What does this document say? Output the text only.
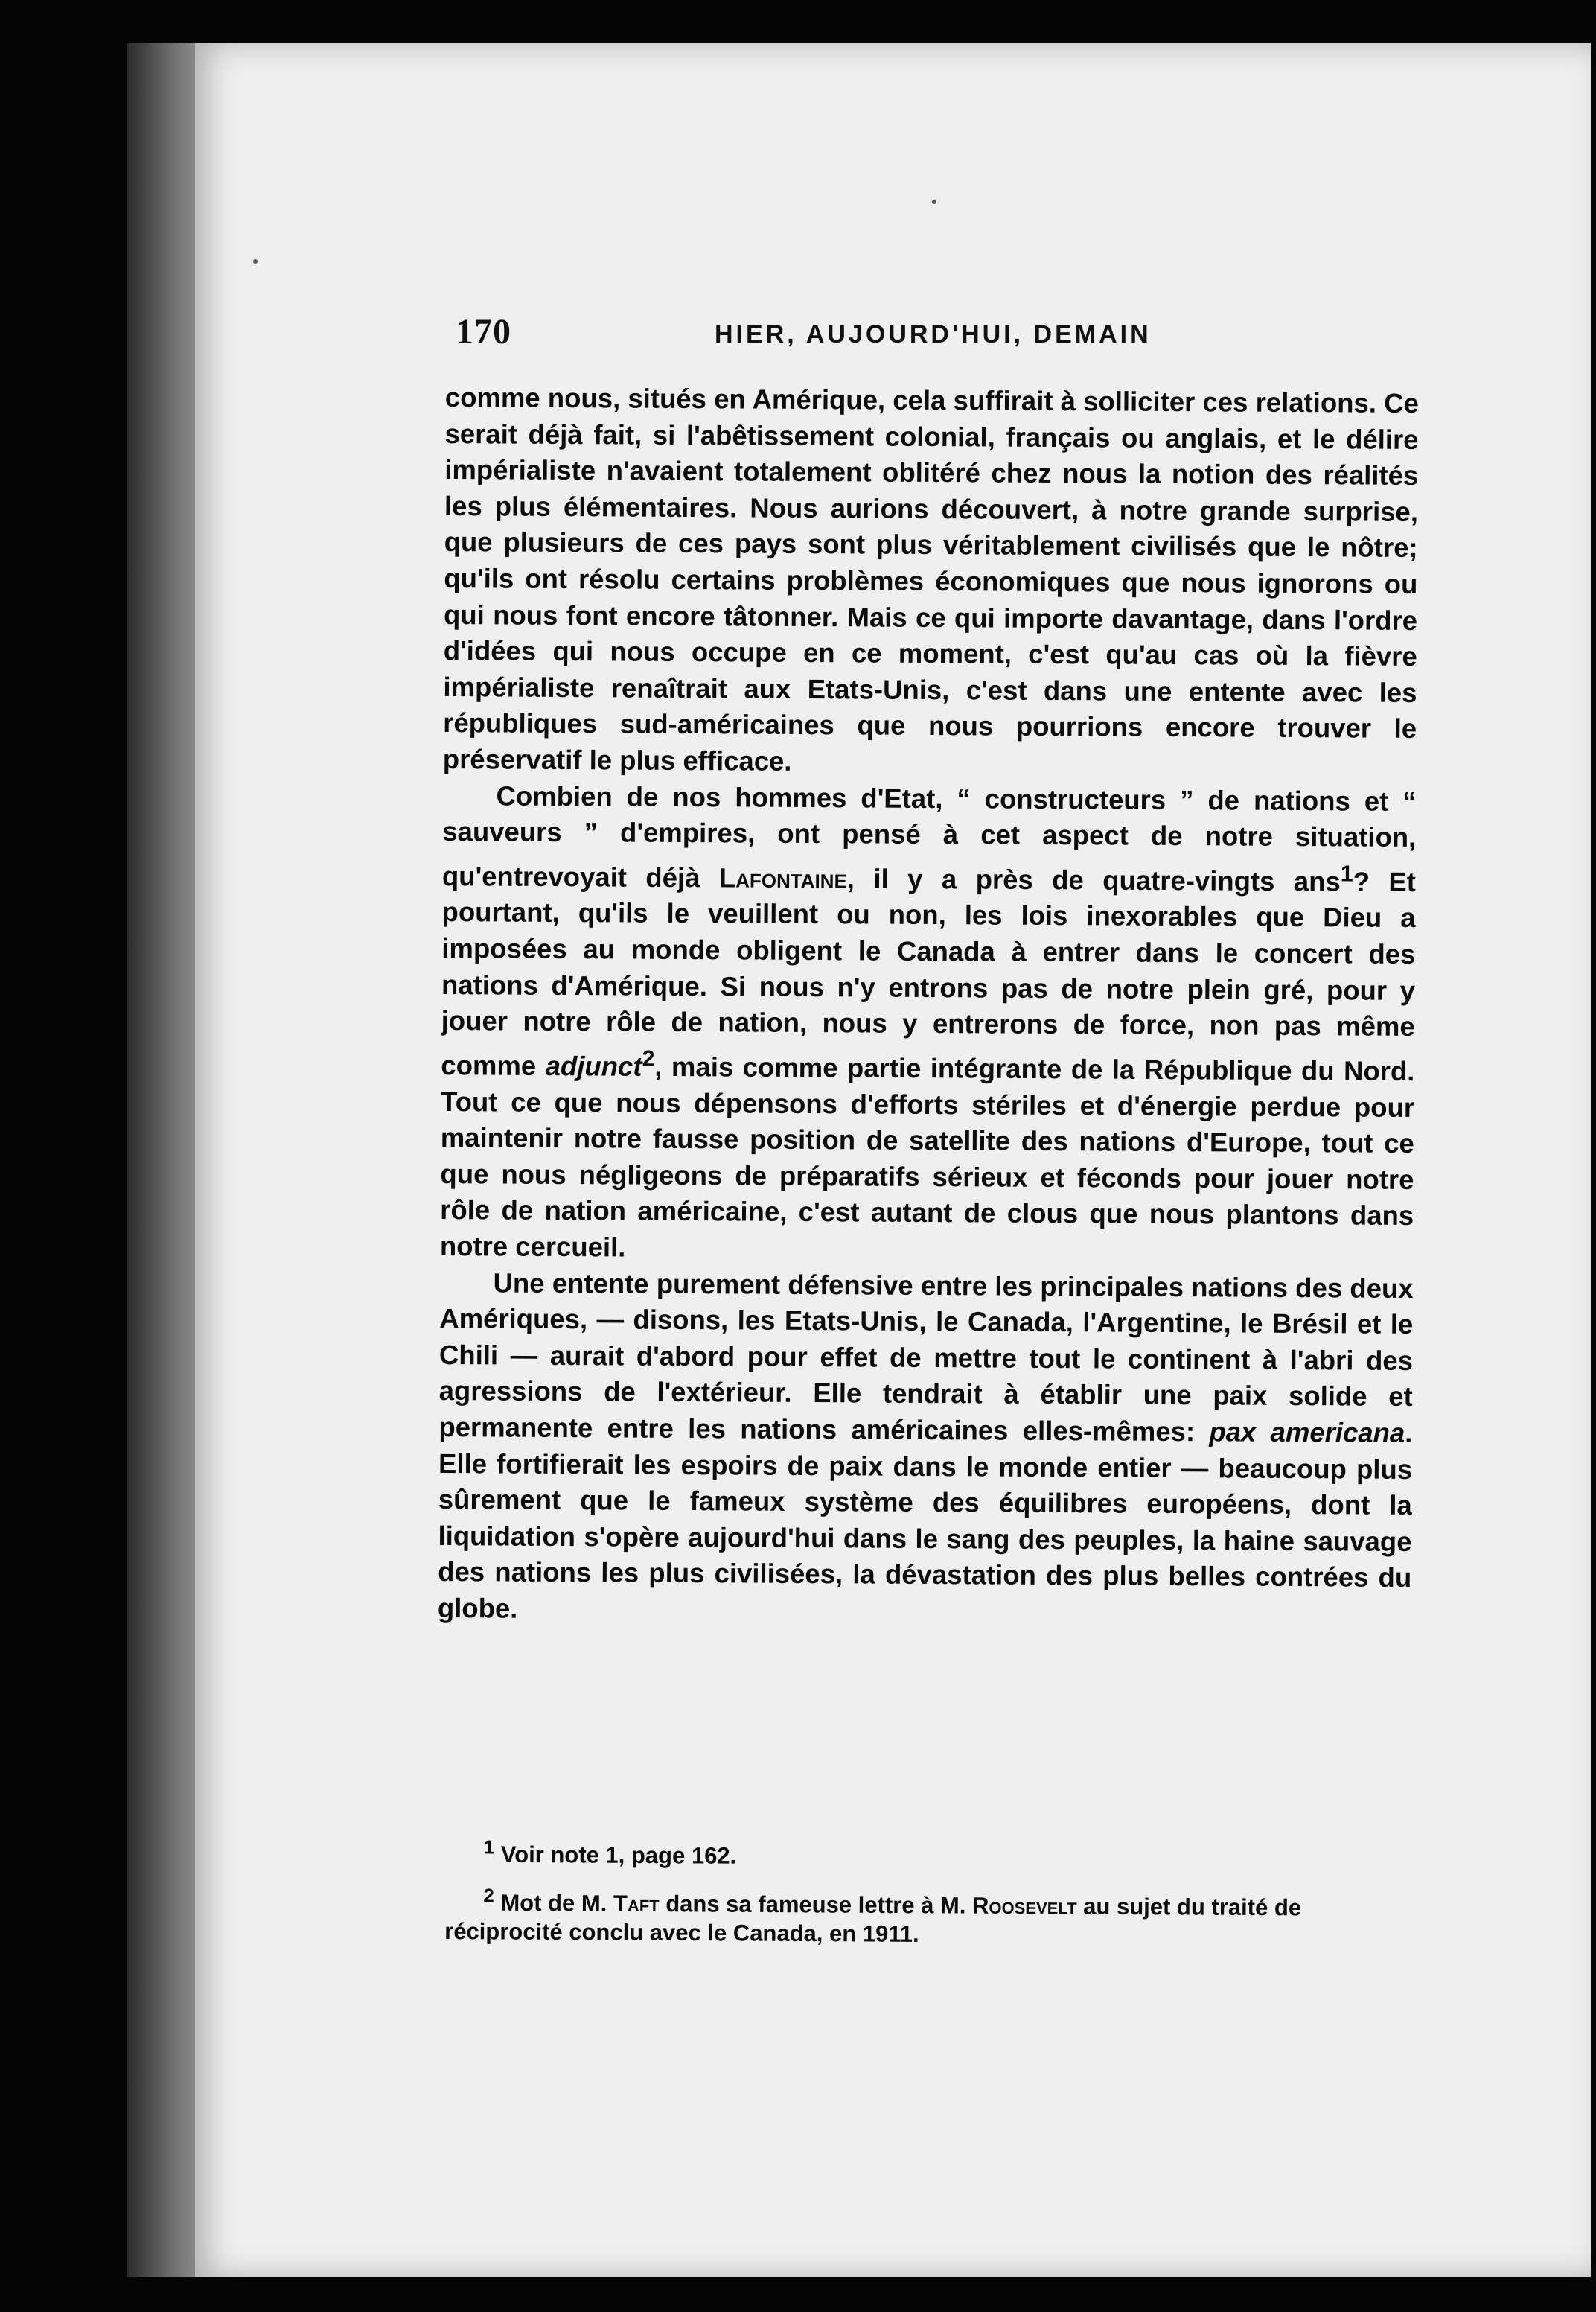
170	HIER, AUJOURD'HUI, DEMAIN

comme nous, situés en Amérique, cela suffirait à solliciter ces relations. Ce serait déjà fait, si l'abêtissement colonial, français ou anglais, et le délire impérialiste n'avaient totalement oblitéré chez nous la notion des réalités les plus élémentaires. Nous aurions découvert, à notre grande surprise, que plusieurs de ces pays sont plus véritablement civilisés que le nôtre; qu'ils ont résolu certains problèmes économiques que nous ignorons ou qui nous font encore tâtonner. Mais ce qui importe davantage, dans l'ordre d'idées qui nous occupe en ce moment, c'est qu'au cas où la fièvre impérialiste renaîtrait aux Etats-Unis, c'est dans une entente avec les républiques sud-américaines que nous pourrions encore trouver le préservatif le plus efficace.

Combien de nos hommes d'Etat, “ constructeurs ” de nations et “ sauveurs ” d'empires, ont pensé à cet aspect de notre situation, qu'entrevoyait déjà Lafontaine, il y a près de quatre-vingts ans$^1$? Et pourtant, qu'ils le veuillent ou non, les lois inexorables que Dieu a imposées au monde obligent le Canada à entrer dans le concert des nations d'Amérique. Si nous n'y entrons pas de notre plein gré, pour y jouer notre rôle de nation, nous y entrerons de force, non pas même comme adjunct$^2$, mais comme partie intégrante de la République du Nord. Tout ce que nous dépensons d'efforts stériles et d'énergie perdue pour maintenir notre fausse position de satellite des nations d'Europe, tout ce que nous négligeons de préparatifs sérieux et féconds pour jouer notre rôle de nation américaine, c'est autant de clous que nous plantons dans notre cercueil.

Une entente purement défensive entre les principales nations des deux Amériques, — disons, les Etats-Unis, le Canada, l'Argentine, le Brésil et le Chili — aurait d'abord pour effet de mettre tout le continent à l'abri des agressions de l'extérieur. Elle tendrait à établir une paix solide et permanente entre les nations américaines elles-mêmes: pax americana. Elle fortifierait les espoirs de paix dans le monde entier — beaucoup plus sûrement que le fameux système des équilibres européens, dont la liquidation s'opère aujourd'hui dans le sang des peuples, la haine sauvage des nations les plus civilisées, la dévastation des plus belles contrées du globe.

$^1$ Voir note 1, page 162.

$^2$ Mot de M. Taft dans sa fameuse lettre à M. Roosevelt au sujet du traité de réciprocité conclu avec le Canada, en 1911.
